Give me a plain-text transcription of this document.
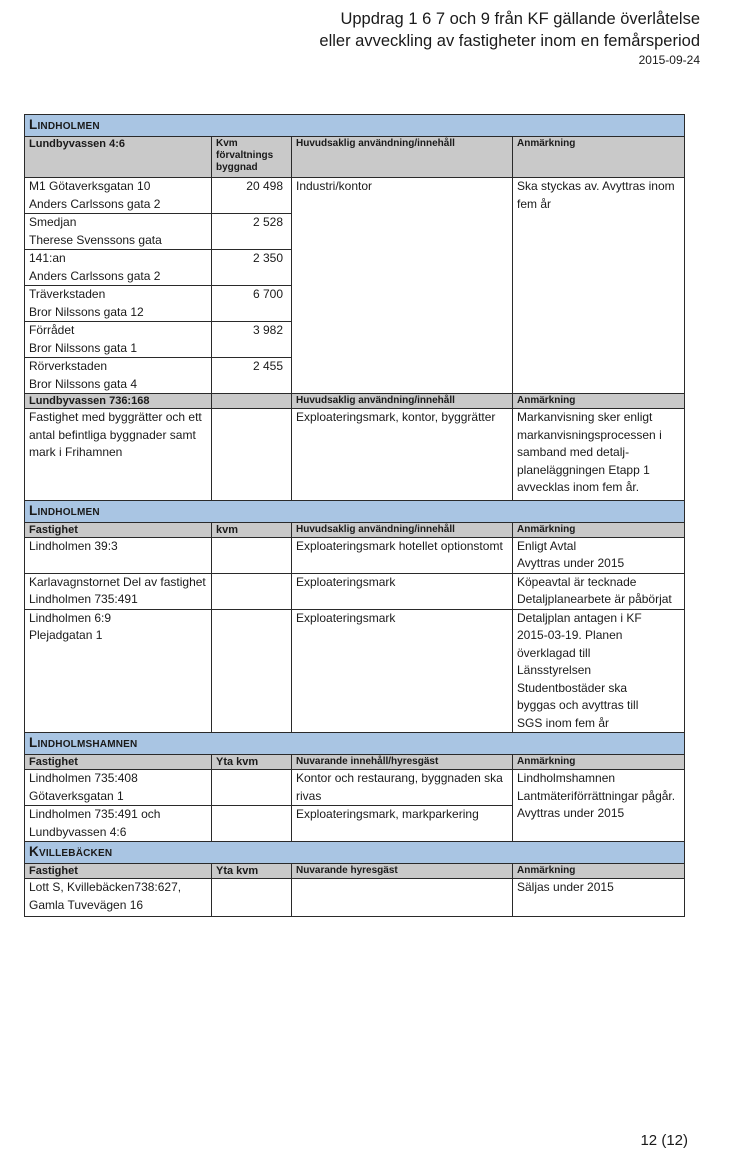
Uppdrag 1 6 7 och 9 från KF gällande överlåtelse
eller avveckling av fastigheter inom en femårsperiod
2015-09-24
LINDHOLMEN			
Lundbyvassen 4:6	Kvm förvaltnings byggnad	Huvudsaklig användning/innehåll	Anmärkning

M1 Götaverksgatan 10
Anders Carlssons gata 2	20 498	Industri/kontor	Ska styckas av. Avyttras inom fem år

Smedjan
Therese Svenssons gata	2 528		

141:an
Anders Carlssons gata 2	2 350		

Träverkstaden
Bror Nilssons gata 12	6 700		

Förrådet
Bror Nilssons gata 1	3 982		

Rörverkstaden
Bror Nilssons gata 4	2 455		
Lundbyvassen 736:168		Huvudsaklig användning/innehåll	Anmärkning
Fastighet med byggrätter och ett antal befintliga byggnader samt mark i Frihamnen		Exploateringsmark, kontor, byggrätter	Markanvisning sker enligt markanvisningsprocessen i samband med detalj-planeläggningen Etapp 1 avvecklas inom fem år.
LINDHOLMEN			
Fastighet	kvm	Huvudsaklig användning/innehåll	Anmärkning
Lindholmen 39:3		Exploateringsmark hotellet optionstomt	Enligt Avtal
Avyttras under 2015

Karlavagnstornet Del av fastighet Lindholmen 735:491		Exploateringsmark	Köpeavtal är tecknade Detaljplanearbete är påbörjat
Lindholmen 6:9 Plejadgatan 1		Exploateringsmark	Detaljplan antagen i KF 2015-03-19. Planen överklagad till Länsstyrelsen Studentbostäder ska byggas och avyttras till SGS inom fem år
LINDHOLMSHAMNEN			
Fastighet	Yta kvm	Nuvarande innehåll/hyresgäst	Anmärkning
Lindholmen 735:408 Götaverksgatan 1		Kontor och restaurang, byggnaden ska rivas	Lindholmshamnen Lantmäteriförrättningar pågår. Avyttras under 2015
Lindholmen 735:491 och Lundbyvassen 4:6		Exploateringsmark, markparkering	
KVILLEBÄCKEN			
Fastighet	Yta kvm	Nuvarande hyresgäst	Anmärkning
Lott S, Kvillebäcken738:627, Gamla Tuvevägen 16			Säljas under 2015
12 (12)
